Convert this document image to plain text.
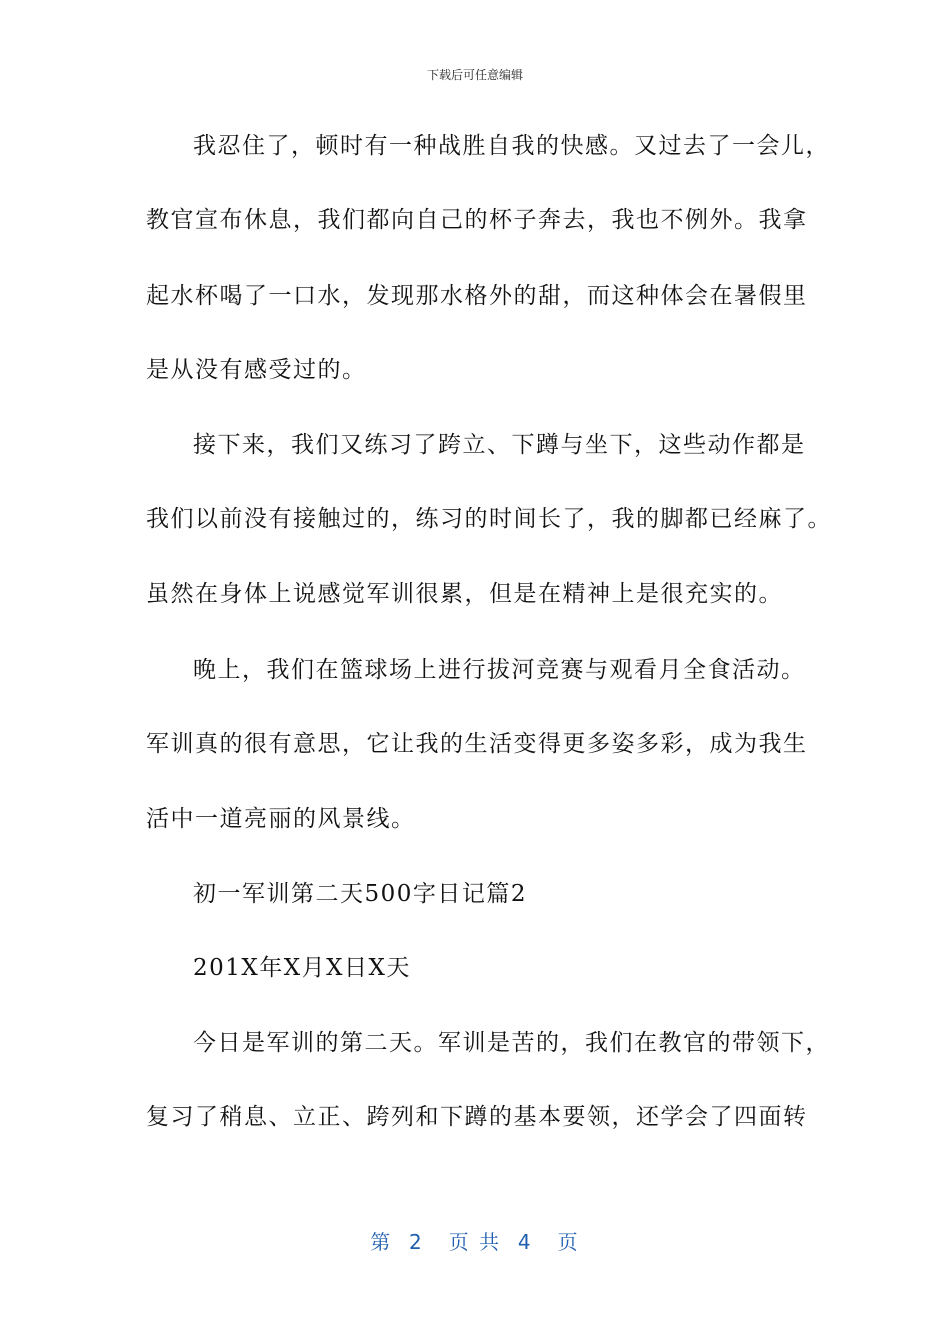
下载后可任意编辑
我忍住了，顿时有一种战胜自我的快感。又过去了一会儿，
教官宣布休息，我们都向自己的杯子奔去，我也不例外。我拿
起水杯喝了一口水，发现那水格外的甜，而这种体会在暑假里
是从没有感受过的。
接下来，我们又练习了跨立、下蹲与坐下，这些动作都是
我们以前没有接触过的，练习的时间长了，我的脚都已经麻了。
虽然在身体上说感觉军训很累，但是在精神上是很充实的。
晚上，我们在篮球场上进行拔河竞赛与观看月全食活动。
军训真的很有意思，它让我的生活变得更多姿多彩，成为我生
活中一道亮丽的风景线。
初一军训第二天500字日记篇2
201X年X月X日X天
今日是军训的第二天。军训是苦的，我们在教官的带领下，
复习了稍息、立正、跨列和下蹲的基本要领，还学会了四面转
第  2   页 共  4   页
